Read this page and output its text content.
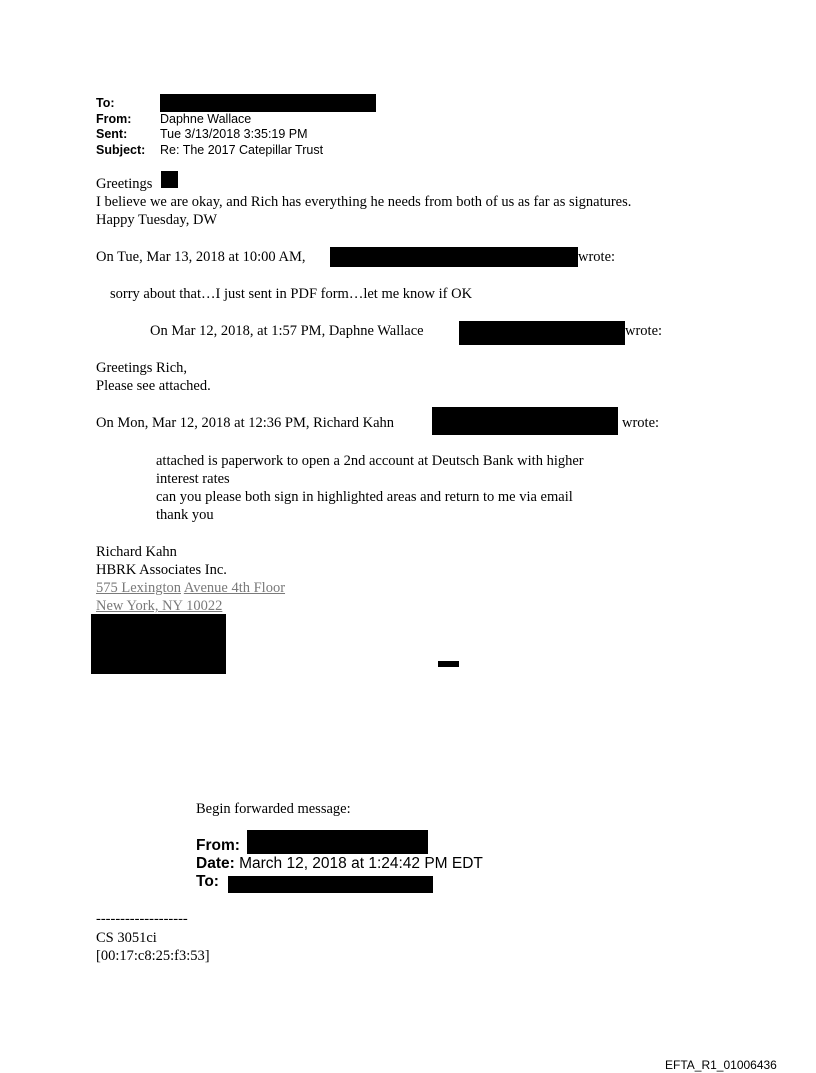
To:
From: Daphne Wallace
Sent:	Tue 3/13/2018 3:35:19 PM
Subject: Re: The 2017 Catepillar Trust
Greetings
I believe we are okay, and Rich has everything he needs from both of us as far as signatures.
Happy Tuesday, DW
On Tue, Mar 13, 2018 at 10:00 AM,	wrote:
sorry about that…I just sent in PDF form…let me know if OK
On Mar 12, 2018, at 1:57 PM, Daphne Wallace	wrote:
Greetings Rich,
Please see attached.
On Mon, Mar 12, 2018 at 12:36 PM, Richard Kahn	wrote:
attached is paperwork to open a 2nd account at Deutsch Bank with higher
interest rates
can you please both sign in highlighted areas and return to me via email
thank you
Richard Kahn
HBRK Associates Inc.
575 Lexington Avenue 4th Floor
New York, NY 10022
Begin forwarded message:
From:
Date: March 12, 2018 at 1:24:42 PM EDT
To:
-------------------
CS 3051ci
[00:17:c8:25:f3:53]
EFTA_R1_01006436
